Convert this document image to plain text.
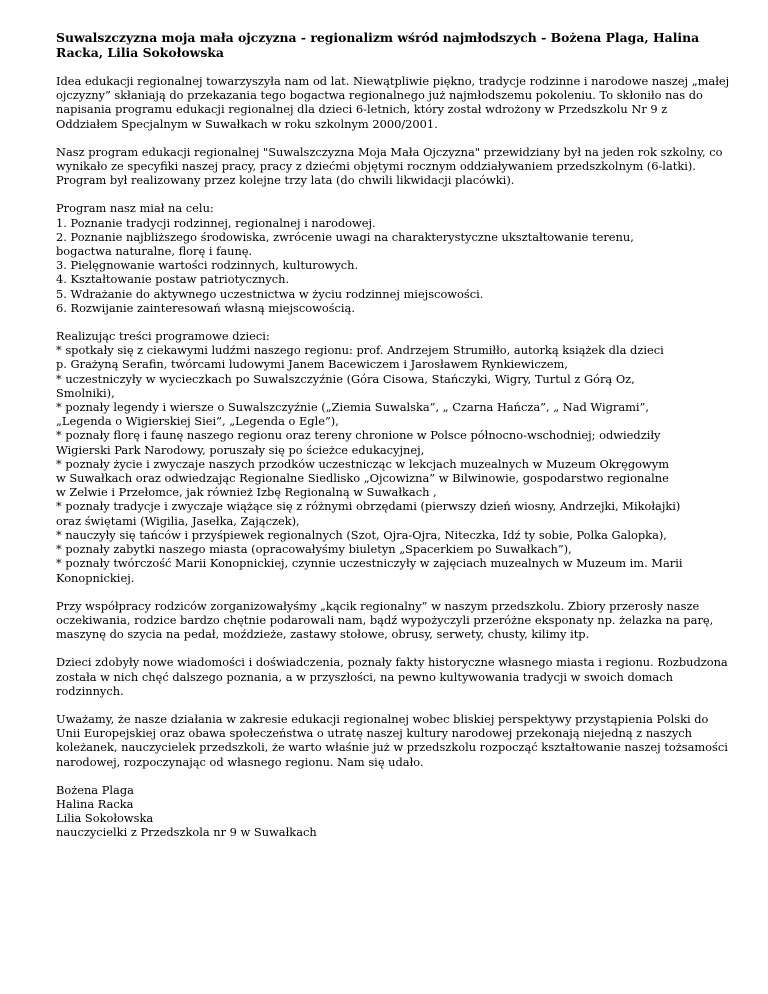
Suwalszczyzna moja mała ojczyzna - regionalizm wśród najmłodszych - Bożena Plaga, Halina
Racka, Lilia Sokołowska
Idea edukacji regionalnej towarzyszyła nam od lat. Niewątpliwie piękno, tradycje rodzinne i narodowe naszej „małej
ojczyzny” skłaniają do przekazania tego bogactwa regionalnego już najmłodszemu pokoleniu. To skłoniło nas do
napisania programu edukacji regionalnej dla dzieci 6-letnich, który został wdrożony w Przedszkolu Nr 9 z
Oddziałem Specjalnym w Suwałkach w roku szkolnym 2000/2001.
Nasz program edukacji regionalnej "Suwalszczyzna Moja Mała Ojczyzna" przewidziany był na jeden rok szkolny, co
wynikało ze specyfiki naszej pracy, pracy z dziećmi objętymi rocznym oddziaływaniem przedszkolnym (6-latki).
Program był realizowany przez kolejne trzy lata (do chwili likwidacji placówki).
Program nasz miał na celu:
1. Poznanie tradycji rodzinnej, regionalnej i narodowej.
2. Poznanie najbliższego środowiska, zwrócenie uwagi na charakterystyczne ukształtowanie terenu,
bogactwa naturalne, florę i faunę.
3. Pielęgnowanie wartości rodzinnych, kulturowych.
4. Kształtowanie postaw patriotycznych.
5. Wdrażanie do aktywnego uczestnictwa w życiu rodzinnej miejscowości.
6. Rozwijanie zainteresowań własną miejscowością.
Realizując treści programowe dzieci:
* spotkały się z ciekawymi ludźmi naszego regionu: prof. Andrzejem Strumiłło, autorką książek dla dzieci
p. Grażyną Serafin, twórcami ludowymi Janem Bacewiczem i Jarosławem Rynkiewiczem,
* uczestniczyły w wycieczkach po Suwalszczyźnie (Góra Cisowa, Stańczyki, Wigry, Turtul z Górą Oz,
Smolniki),
* poznały legendy i wiersze o Suwalszczyźnie („Ziemia Suwalska”, „ Czarna Hańcza”, „ Nad Wigrami”,
„Legenda o Wigierskiej Siei”, „Legenda o Egle”),
* poznały florę i faunę naszego regionu oraz tereny chronione w Polsce północno-wschodniej; odwiedziły
Wigierski Park Narodowy, poruszały się po ścieżce edukacyjnej,
* poznały życie i zwyczaje naszych przodków uczestnicząc w lekcjach muzealnych w Muzeum Okręgowym
w Suwałkach oraz odwiedzając Regionalne Siedlisko „Ojcowizna” w Bilwinowie, gospodarstwo regionalne
w Zelwie i Przełomce, jak również Izbę Regionalną w Suwałkach ,
* poznały tradycje i zwyczaje wiążące się z różnymi obrzędami (pierwszy dzień wiosny, Andrzejki, Mikołajki)
oraz świętami (Wigilia, Jasełka, Zajączek),
* nauczyły się tańców i przyśpiewek regionalnych (Szot, Ojra-Ojra, Niteczka, Idź ty sobie, Polka Galopka),
* poznały zabytki naszego miasta (opracowałyśmy biuletyn „Spacerkiem po Suwałkach”),
* poznały twórczość Marii Konopnickiej, czynnie uczestniczyły w zajęciach muzealnych w Muzeum im. Marii
Konopnickiej.
Przy współpracy rodziców zorganizowałyśmy „kącik regionalny” w naszym przedszkolu. Zbiory przerosły nasze
oczekiwania, rodzice bardzo chętnie podarowali nam, bądź wypożyczyli przeróżne eksponaty np. żelazka na parę,
maszynę do szycia na pedał, moździeże, zastawy stołowe, obrusy, serwety, chusty, kilimy itp.
Dzieci zdobyły nowe wiadomości i doświadczenia, poznały fakty historyczne własnego miasta i regionu. Rozbudzona
została w nich chęć dalszego poznania, a w przyszłości, na pewno kultywowania tradycji w swoich domach
rodzinnych.
Uważamy, że nasze działania w zakresie edukacji regionalnej wobec bliskiej perspektywy przystąpienia Polski do
Unii Europejskiej oraz obawa społeczeństwa o utratę naszej kultury narodowej przekonają niejedną z naszych
koleżanek, nauczycielek przedszkoli, że warto właśnie już w przedszkolu rozpocząć kształtowanie naszej tożsamości
narodowej, rozpoczynając od własnego regionu. Nam się udało.
Bożena Plaga
Halina Racka
Lilia Sokołowska
nauczycielki z Przedszkola nr 9 w Suwałkach
